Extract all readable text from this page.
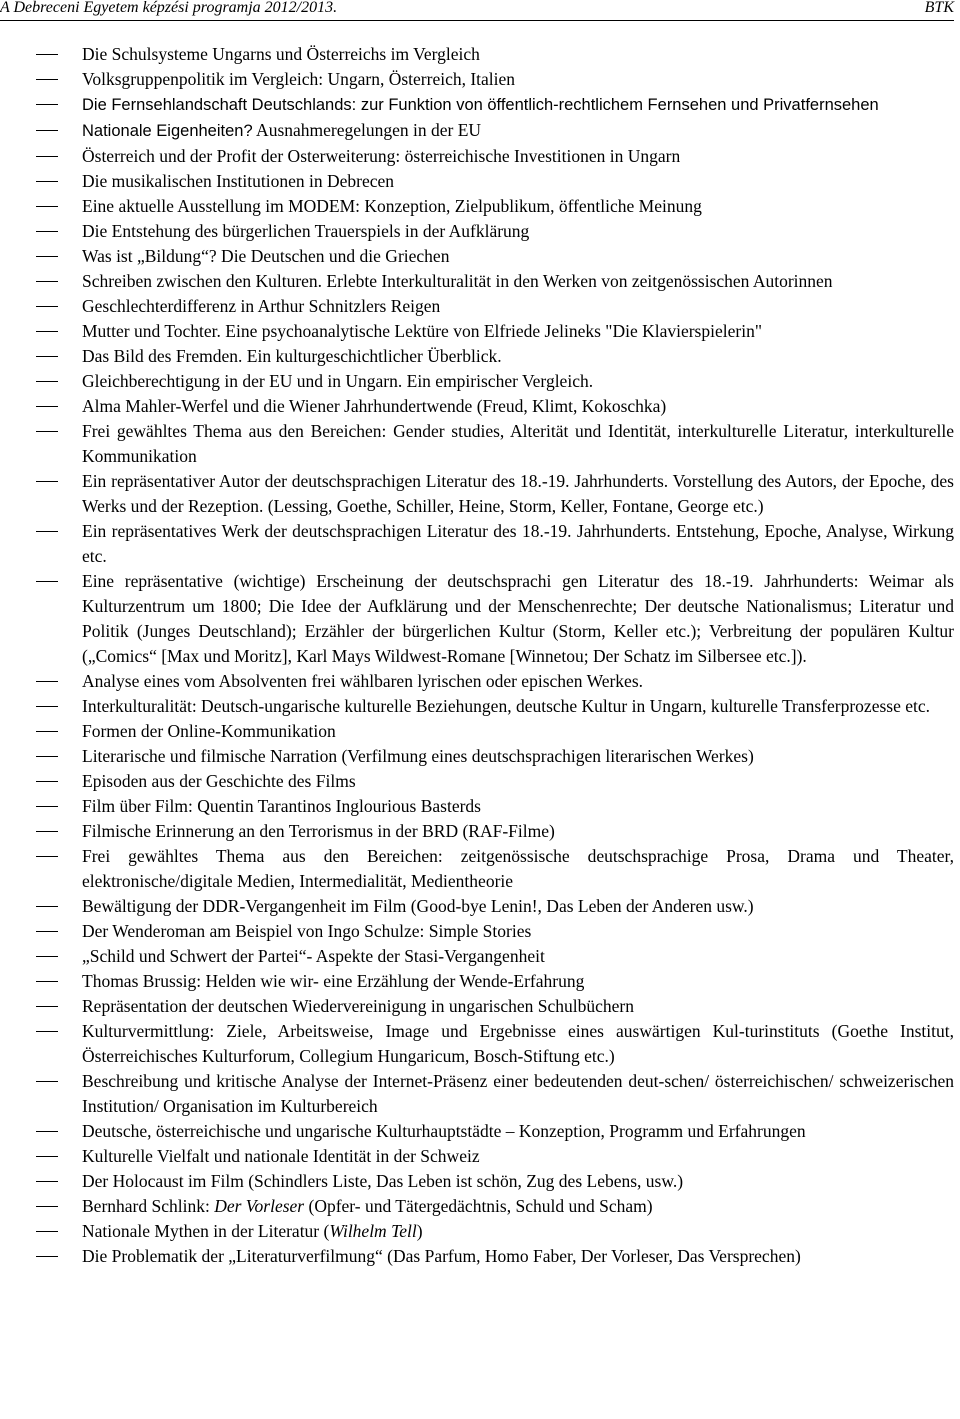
A Debreceni Egyetem képzési programja 2012/2013.	BTK
Die Schulsysteme Ungarns und Österreichs im Vergleich
Volksgruppenpolitik im Vergleich: Ungarn, Österreich, Italien
Die Fernsehlandschaft Deutschlands: zur Funktion von öffentlich-rechtlichem Fernsehen und Privatfernsehen
Nationale Eigenheiten? Ausnahmeregelungen in der EU
Österreich und der Profit der Osterweiterung: österreichische Investitionen in Ungarn
Die musikalischen Institutionen in Debrecen
Eine aktuelle Ausstellung im MODEM: Konzeption, Zielpublikum, öffentliche Meinung
Die Entstehung des bürgerlichen Trauerspiels in der Aufklärung
Was ist „Bildung“? Die Deutschen und die Griechen
Schreiben zwischen den Kulturen. Erlebte Interkulturalität in den Werken von zeitgenössischen Autorinnen
Geschlechterdifferenz in Arthur Schnitzlers Reigen
Mutter und Tochter. Eine psychoanalytische Lektüre von Elfriede Jelineks "Die Klavierspielerin"
Das Bild des Fremden. Ein kulturgeschichtlicher Überblick.
Gleichberechtigung in der EU und in Ungarn. Ein empirischer Vergleich.
Alma Mahler-Werfel und die Wiener Jahrhundertwende (Freud, Klimt, Kokoschka)
Frei gewähltes Thema aus den Bereichen: Gender studies, Alterität und Identität, interkulturelle Literatur, interkulturelle Kommunikation
Ein repräsentativer Autor der deutschsprachigen Literatur des 18.-19. Jahrhunderts. Vorstellung des Autors, der Epoche, des Werks und der Rezeption. (Lessing, Goethe, Schiller, Heine, Storm, Keller, Fontane, George etc.)
Ein repräsentatives Werk der deutschsprachigen Literatur des 18.-19. Jahrhunderts. Entstehung, Epoche, Analyse, Wirkung etc.
Eine repräsentative (wichtige) Erscheinung der deutschsprachi gen Literatur des 18.-19. Jahrhunderts: Weimar als Kulturzentrum um 1800; Die Idee der Aufklärung und der Menschenrechte; Der deutsche Nationalismus; Literatur und Politik (Junges Deutschland); Erzähler der bürgerlichen Kultur (Storm, Keller etc.); Verbreitung der populären Kultur („Comics“ [Max und Moritz], Karl Mays Wildwest-Romane [Winnetou; Der Schatz im Silbersee etc.]).
Analyse eines vom Absolventen frei wählbaren lyrischen oder epischen Werkes.
Interkulturalität: Deutsch-ungarische kulturelle Beziehungen, deutsche Kultur in Ungarn, kulturelle Transferprozesse etc.
Formen der Online-Kommunikation
Literarische und filmische Narration (Verfilmung eines deutschsprachigen literarischen Werkes)
Episoden aus der Geschichte des Films
Film über Film: Quentin Tarantinos Inglourious Basterds
Filmische Erinnerung an den Terrorismus in der BRD (RAF-Filme)
Frei gewähltes Thema aus den Bereichen: zeitgenössische deutschsprachige Prosa, Drama und Theater, elektronische/digitale Medien, Intermedialität, Medientheorie
Bewältigung der DDR-Vergangenheit im Film (Good-bye Lenin!, Das Leben der Anderen usw.)
Der Wenderoman am Beispiel von Ingo Schulze: Simple Stories
„Schild und Schwert der Partei“- Aspekte der Stasi-Vergangenheit
Thomas Brussig: Helden wie wir- eine Erzählung der Wende-Erfahrung
Repräsentation der deutschen Wiedervereinigung in ungarischen Schulbüchern
Kulturvermittlung: Ziele, Arbeitsweise, Image und Ergebnisse eines auswärtigen Kul-turinstituts (Goethe Institut, Österreichisches Kulturforum, Collegium Hungaricum, Bosch-Stiftung etc.)
Beschreibung und kritische Analyse der Internet-Präsenz einer bedeutenden deut-schen/ österreichischen/ schweizerischen Institution/ Organisation im Kulturbereich
Deutsche, österreichische und ungarische Kulturhauptstädte – Konzeption, Programm und Erfahrungen
Kulturelle Vielfalt und nationale Identität in der Schweiz
Der Holocaust im Film (Schindlers Liste, Das Leben ist schön, Zug des Lebens, usw.)
Bernhard Schlink: Der Vorleser (Opfer- und Tätergedächtnis, Schuld und Scham)
Nationale Mythen in der Literatur (Wilhelm Tell)
Die Problematik der „Literaturverfilmung“ (Das Parfum, Homo Faber, Der Vorleser, Das Versprechen)
